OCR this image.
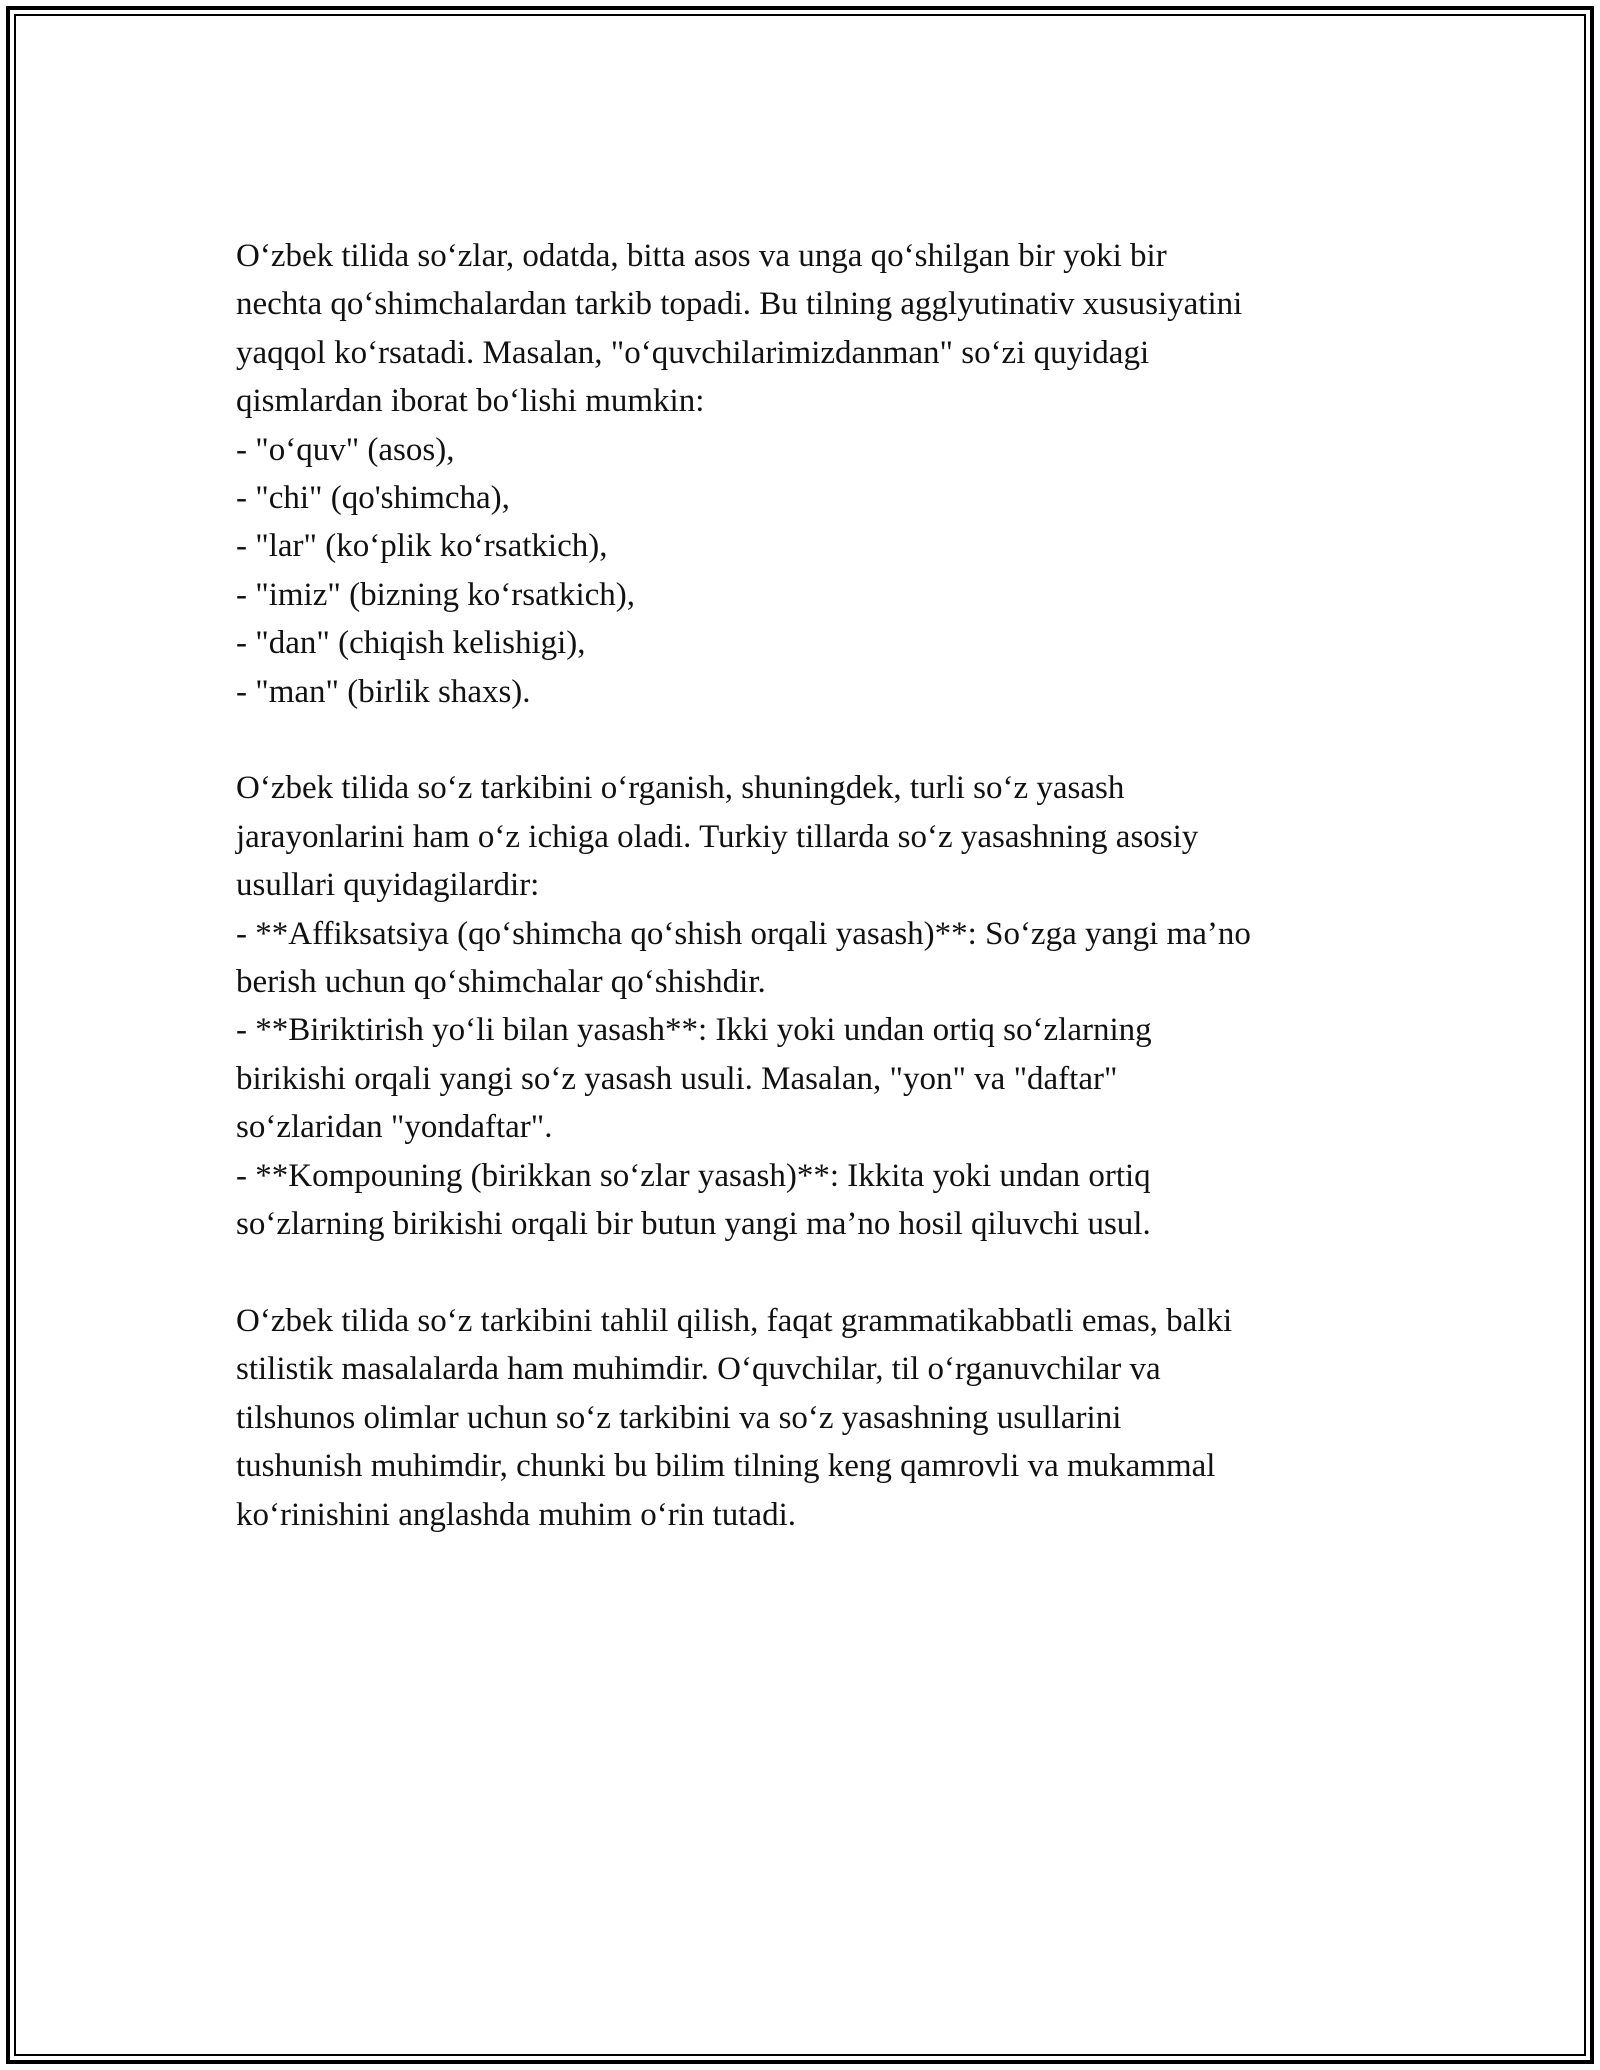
O‘zbek tilida so‘zlar, odatda, bitta asos va unga qo‘shilgan bir yoki bir
nechta qo‘shimchalardan tarkib topadi. Bu tilning agglyutinativ xususiyatini
yaqqol ko‘rsatadi. Masalan, "o‘quvchilarimizdanman" so‘zi quyidagi
qismlardan iborat bo‘lishi mumkin:
- "o‘quv" (asos),
- "chi" (qo'shimcha),
- "lar" (ko‘plik ko‘rsatkich),
- "imiz" (bizning ko‘rsatkich),
- "dan" (chiqish kelishigi),
- "man" (birlik shaxs).
O‘zbek tilida so‘z tarkibini o‘rganish, shuningdek, turli so‘z yasash
jarayonlarini ham o‘z ichiga oladi. Turkiy tillarda so‘z yasashning asosiy
usullari quyidagilardir:
- **Affiksatsiya (qo‘shimcha qo‘shish orqali yasash)**: So‘zga yangi ma’no
berish uchun qo‘shimchalar qo‘shishdir.
- **Biriktirish yo‘li bilan yasash**: Ikki yoki undan ortiq so‘zlarning
birikishi orqali yangi so‘z yasash usuli. Masalan, "yon" va "daftar"
so‘zlaridan "yondaftar".
- **Kompouning (birikkan so‘zlar yasash)**: Ikkita yoki undan ortiq
so‘zlarning birikishi orqali bir butun yangi ma’no hosil qiluvchi usul.
O‘zbek tilida so‘z tarkibini tahlil qilish, faqat grammatikabbatli emas, balki
stilistik masalalarda ham muhimdir. O‘quvchilar, til o‘rganuvchilar va
tilshunos olimlar uchun so‘z tarkibini va so‘z yasashning usullarini
tushunish muhimdir, chunki bu bilim tilning keng qamrovli va mukammal
ko‘rinishini anglashda muhim o‘rin tutadi.
